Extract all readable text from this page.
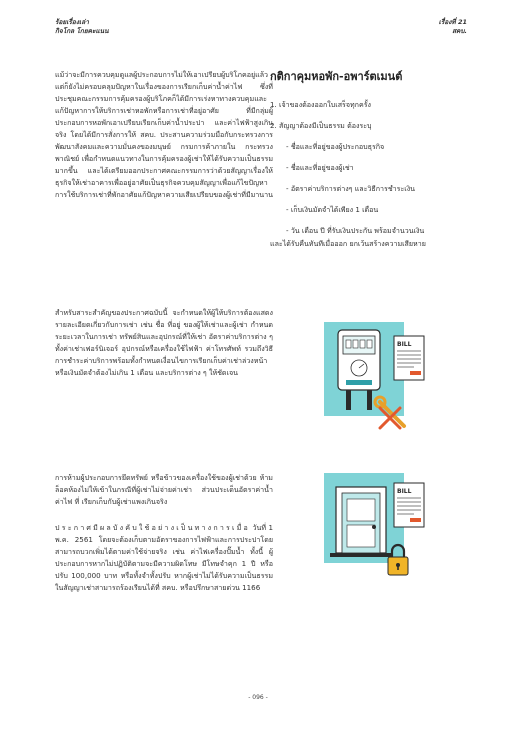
ร้อยเรื่องเล่า
กิจโกล โกยคะแนน
เรื่องที่ 21
สคบ.

แม้ว่าจะมีการควบคุมดูแลผู้ประกอบการไม่ให้เอาเปรียบผู้บริโภคอยู่แล้ว แต่ก็ยังไม่ครอบคลุมปัญหาในเรื่องของการเรียกเก็บค่าน้ำค่าไฟ ซึ่งที่ประชุมคณะกรรมการคุ้มครองผู้บริโภคก็ได้มีการเร่งหาทางควบคุมและแก้ปัญหาการให้บริการเช่าหอพักหรือการเช่าที่อยู่อาศัย ที่มีกลุ่มผู้ประกอบการหอพักเอาเปรียบเรียกเก็บค่าน้ำประปา และค่าไฟฟ้าสูงเกินจริง โดยได้มีการสั่งการให้ สคบ. ประสานความร่วมมือกับกระทรวงการพัฒนาสังคมและความมั่นคงของมนุษย์ กรมการค้าภายใน กระทรวงพาณิชย์ เพื่อกำหนดแนวทางในการคุ้มครองผู้เช่าให้ได้รับความเป็นธรรมมากขึ้น และได้เตรียมออกประกาศคณะกรรมการว่าด้วยสัญญาเรื่องให้ธุรกิจให้เช่าอาคารเพื่ออยู่อาศัยเป็นธุรกิจควบคุมสัญญาเพื่อแก้ไขปัญหาการใช้บริการเช่าที่พักอาศัยแก้ปัญหาความเสียเปรียบของผู้เช่าที่มีมานาน

สำหรับสาระสำคัญของประกาศฉบับนี้ จะกำหนดให้ผู้ให้บริการต้องแสดงรายละเอียดเกี่ยวกับการเช่า เช่น ชื่อ ที่อยู่ ของผู้ให้เช่าและผู้เช่า กำหนดระยะเวลาในการเช่า ทรัพย์สินและอุปกรณ์ที่ให้เช่า อัตราค่าบริการต่าง ๆ ทั้งค่าเช่าเฟอร์นิเจอร์ อุปกรณ์หรือเครื่องใช้ไฟฟ้า ค่าโทรศัพท์ รวมถึงวิธีการชำระค่าบริการพร้อมทั้งกำหนดเงื่อนไขการเรียกเก็บค่าเช่าล่วงหน้า หรือเงินมัดจำต้องไม่เกิน 1 เดือน และบริการต่าง ๆ ให้ชัดเจน

การห้ามผู้ประกอบการยึดทรัพย์ หรือข้าวของเครื่องใช้ของผู้เช่าด้วย ห้ามล็อคห้องไม่ให้เข้าในกรณีที่ผู้เช่าไม่จ่ายค่าเช่า ส่วนประเด็นอัตราค่าน้ำ ค่าไฟ ที่ เรียกเก็บกับผู้เช่าแพงเกินจริง

ประกาศมีผลบังคับใช้อย่างเป็นทางการเมื่อ วันที่ 1 พ.ค. 2561 โดยจะต้องเก็บตามอัตราของการไฟฟ้าและการประปาโดยสามารถบวกเพิ่มได้ตามค่าใช้จ่ายจริง เช่น ค่าไฟเครื่องปั๊มน้ำ ทั้งนี้ ผู้ประกอบการหากไม่ปฏิบัติตามจะมีความผิดโทษ มีโทษจำคุก 1 ปี หรือปรับ 100,000 บาท หรือทั้งจำทั้งปรับ หากผู้เช่าไม่ได้รับความเป็นธรรมในสัญญาเช่าสามารถร้องเรียนได้ที่ สคบ. หรือปรึกษาสายด่วน 1166

กติกาคุมหอพัก-อพาร์ตเมนต์

1. เจ้าของต้องออกใบเสร็จทุกครั้ง

2. สัญญาต้องมีเป็นธรรม ต้องระบุ

- ชื่อและที่อยู่ของผู้ประกอบธุรกิจ

- ชื่อและที่อยู่ของผู้เช่า

- อัตราค่าบริการต่างๆ และวิธีการชำระเงิน

- เก็บเงินมัดจำได้เพียง 1 เดือน

- วัน เดือน ปี ที่รับเงินประกัน พร้อมจำนวนเงิน

และได้รับคืนทันทีเมื่อออก ยกเว้นสร้างความเสียหาย

BILL
BILL
- 096 -
